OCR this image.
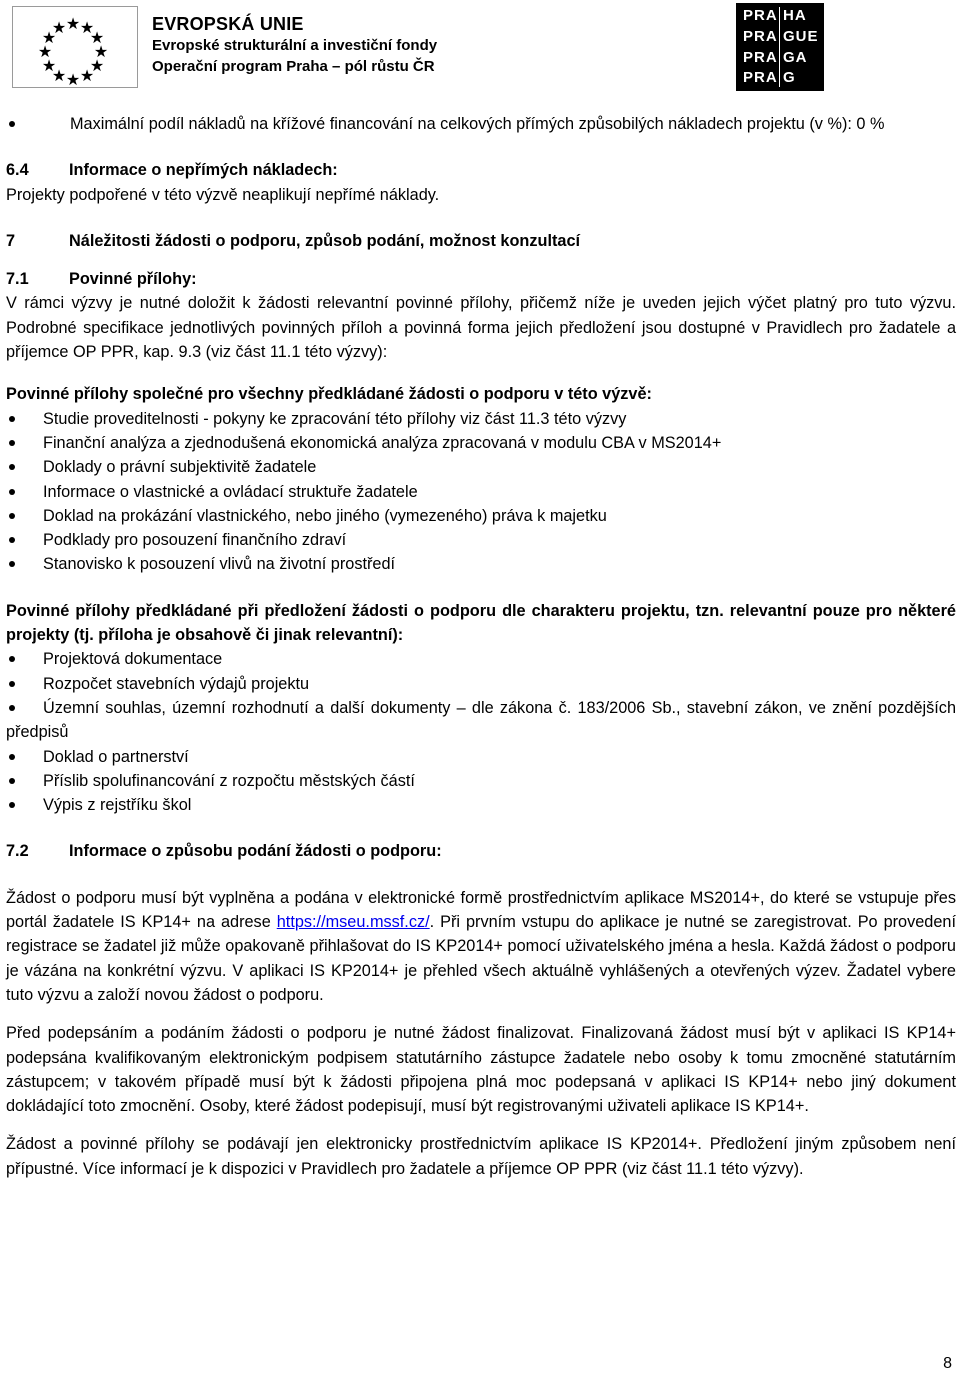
★ ★
★
★
★
★
★
★
★
★
★
★	EVROPSKÁ UNIE
Evropské strukturální a investiční fondy
Operační program Praha – pól růstu ČR
PRA HA
PRA GUE
PRA GA
PRA G

Maximální podíl nákladů na křížové financování na celkových přímých způsobilých nákladech projektu (v %): 0 %

6.4 Informace o nepřímých nákladech:

Projekty podpořené v této výzvě neaplikují nepřímé náklady.

7	Náležitosti žádosti o podporu, způsob podání, možnost konzultací

7.1 Povinné přílohy:

V rámci výzvy je nutné doložit k žádosti relevantní povinné přílohy, přičemž níže je uveden jejich výčet platný pro tuto výzvu. Podrobné specifikace jednotlivých povinných příloh a povinná forma jejich předložení jsou dostupné v Pravidlech pro žadatele a příjemce OP PPR, kap. 9.3 (viz část 11.1 této výzvy):

Povinné přílohy společné pro všechny předkládané žádosti o podporu v této výzvě:

Studie proveditelnosti - pokyny ke zpracování této přílohy viz část 11.3 této výzvy

Finanční analýza a zjednodušená ekonomická analýza zpracovaná v modulu CBA v MS2014+

Doklady o právní subjektivitě žadatele

Informace o vlastnické a ovládací struktuře žadatele

Doklad na prokázání vlastnického, nebo jiného (vymezeného) práva k majetku

Podklady pro posouzení finančního zdraví

Stanovisko k posouzení vlivů na životní prostředí

Povinné přílohy předkládané při předložení žádosti o podporu dle charakteru projektu, tzn. relevantní pouze pro některé projekty (tj. příloha je obsahově či jinak relevantní):

Projektová dokumentace

Rozpočet stavebních výdajů projektu

Územní souhlas, územní rozhodnutí a další dokumenty – dle zákona č. 183/2006 Sb., stavební zákon, ve znění pozdějších předpisů

Doklad o partnerství

Příslib spolufinancování z rozpočtu městských částí

Výpis z rejstříku škol

7.2 Informace o způsobu podání žádosti o podporu:

Žádost o podporu musí být vyplněna a podána v elektronické formě prostřednictvím aplikace MS2014+, do které se vstupuje přes portál žadatele IS KP14+ na adrese https://mseu.mssf.cz/. Při prvním vstupu do aplikace je nutné se zaregistrovat. Po provedení registrace se žadatel již může opakovaně přihlašovat do IS KP2014+ pomocí uživatelského jména a hesla. Každá žádost o podporu je vázána na konkrétní výzvu. V aplikaci IS KP2014+ je přehled všech aktuálně vyhlášených a otevřených výzev. Žadatel vybere tuto výzvu a založí novou žádost o podporu.

Před podepsáním a podáním žádosti o podporu je nutné žádost finalizovat. Finalizovaná žádost musí být v aplikaci IS KP14+ podepsána kvalifikovaným elektronickým podpisem statutárního zástupce žadatele nebo osoby k tomu zmocněné statutárním zástupcem; v takovém případě musí být k žádosti připojena plná moc podepsaná v aplikaci IS KP14+ nebo jiný dokument dokládající toto zmocnění. Osoby, které žádost podepisují, musí být registrovanými uživateli aplikace IS KP14+.

Žádost a povinné přílohy se podávají jen elektronicky prostřednictvím aplikace IS KP2014+. Předložení jiným způsobem není přípustné. Více informací je k dispozici v Pravidlech pro žadatele a příjemce OP PPR (viz část 11.1 této výzvy).

8
